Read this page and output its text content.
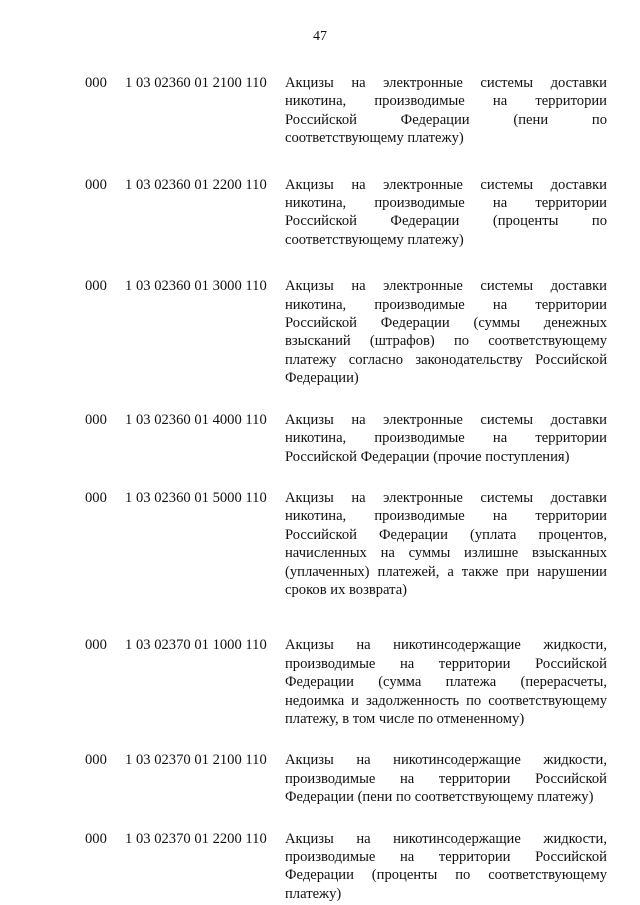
47
000 1 03 02360 01 2100 110 Акцизы на электронные системы доставки
никотина, производимые на территории
Российской Федерации (пени по
соответствующему платежу)
000 1 03 02360 01 2200 110 Акцизы на электронные системы доставки
никотина, производимые на территории
Российской Федерации (проценты по
соответствующему платежу)
000 1 03 02360 01 3000 110 Акцизы на электронные системы доставки
никотина, производимые на территории
Российской Федерации (суммы денежных
взысканий (штрафов) по соответствующему
платежу согласно законодательству Российской
Федерации)
000 1 03 02360 01 4000 110 Акцизы на электронные системы доставки
никотина, производимые на территории
Российской Федерации (прочие поступления)
000 1 03 02360 01 5000 110 Акцизы на электронные системы доставки
никотина, производимые на территории
Российской Федерации (уплата процентов,
начисленных на суммы излишне взысканных
(уплаченных) платежей, а также при нарушении
сроков их возврата)
000 1 03 02370 01 1000 110 Акцизы на никотинсодержащие жидкости,
производимые на территории Российской
Федерации (сумма платежа (перерасчеты,
недоимка и задолженность по соответствующему
платежу, в том числе по отмененному)
000 1 03 02370 01 2100 110 Акцизы на никотинсодержащие жидкости,
производимые на территории Российской
Федерации (пени по соответствующему платежу)
000 1 03 02370 01 2200 110 Акцизы на никотинсодержащие жидкости,
производимые на территории Российской
Федерации (проценты по соответствующему
платежу)
